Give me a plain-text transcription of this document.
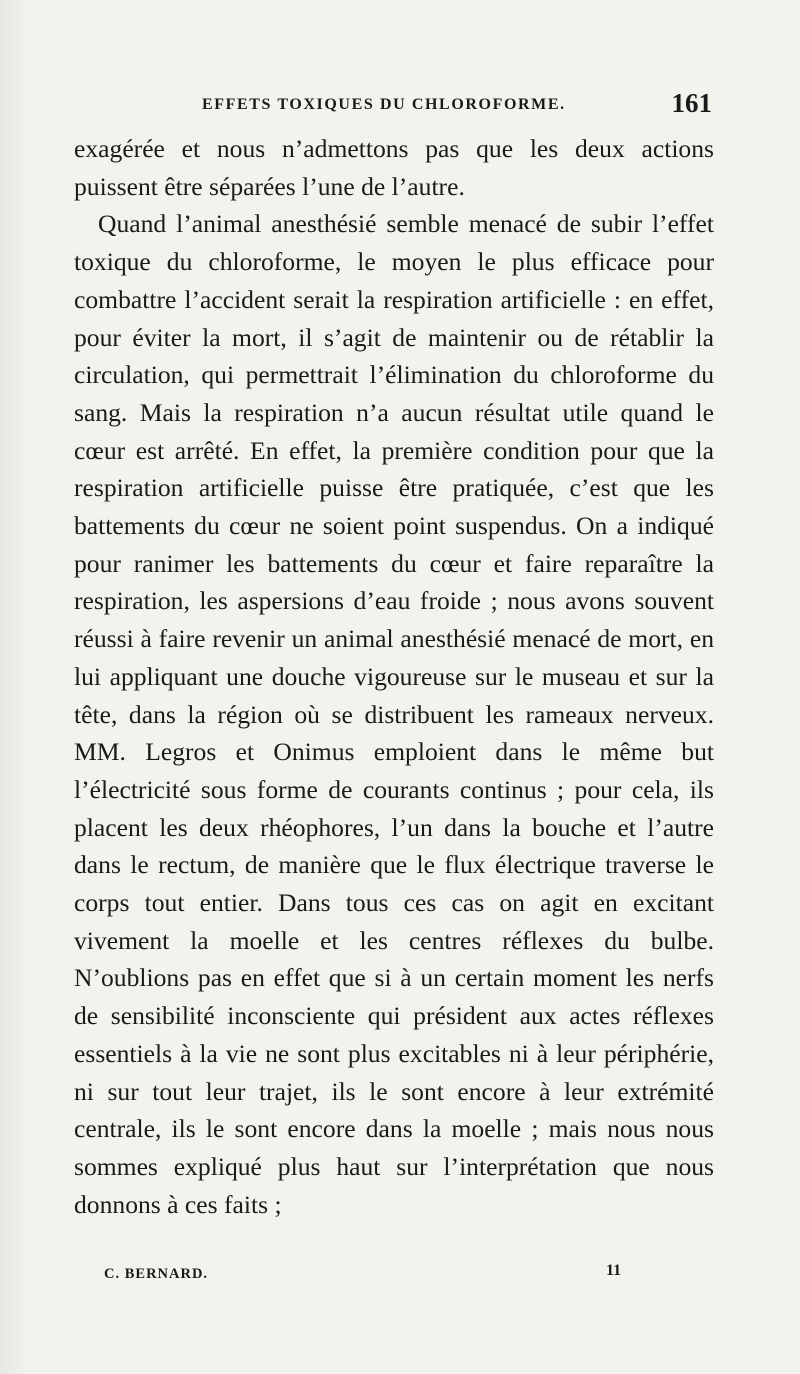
EFFETS TOXIQUES DU CHLOROFORME.	161

exagérée et nous n’admettons pas que les deux actions puissent être séparées l’une de l’autre.

Quand l’animal anesthésié semble menacé de subir l’effet toxique du chloroforme, le moyen le plus efficace pour combattre l’accident serait la respiration artificielle : en effet, pour éviter la mort, il s’agit de maintenir ou de rétablir la circulation, qui permettrait l’élimination du chloroforme du sang. Mais la respiration n’a aucun résultat utile quand le cœur est arrêté. En effet, la première condition pour que la respiration artificielle puisse être pratiquée, c’est que les battements du cœur ne soient point suspendus. On a indiqué pour ranimer les battements du cœur et faire reparaître la respiration, les aspersions d’eau froide ; nous avons souvent réussi à faire revenir un animal anesthésié menacé de mort, en lui appliquant une douche vigoureuse sur le museau et sur la tête, dans la région où se distribuent les rameaux nerveux. MM. Legros et Onimus emploient dans le même but l’électricité sous forme de courants continus ; pour cela, ils placent les deux rhéophores, l’un dans la bouche et l’autre dans le rectum, de manière que le flux électrique traverse le corps tout entier. Dans tous ces cas on agit en excitant vivement la moelle et les centres réflexes du bulbe. N’oublions pas en effet que si à un certain moment les nerfs de sensibilité inconsciente qui président aux actes réflexes essentiels à la vie ne sont plus excitables ni à leur périphérie, ni sur tout leur trajet, ils le sont encore à leur extrémité centrale, ils le sont encore dans la moelle ; mais nous nous sommes expliqué plus haut sur l’interprétation que nous donnons à ces faits ;

C. BERNARD.	11
